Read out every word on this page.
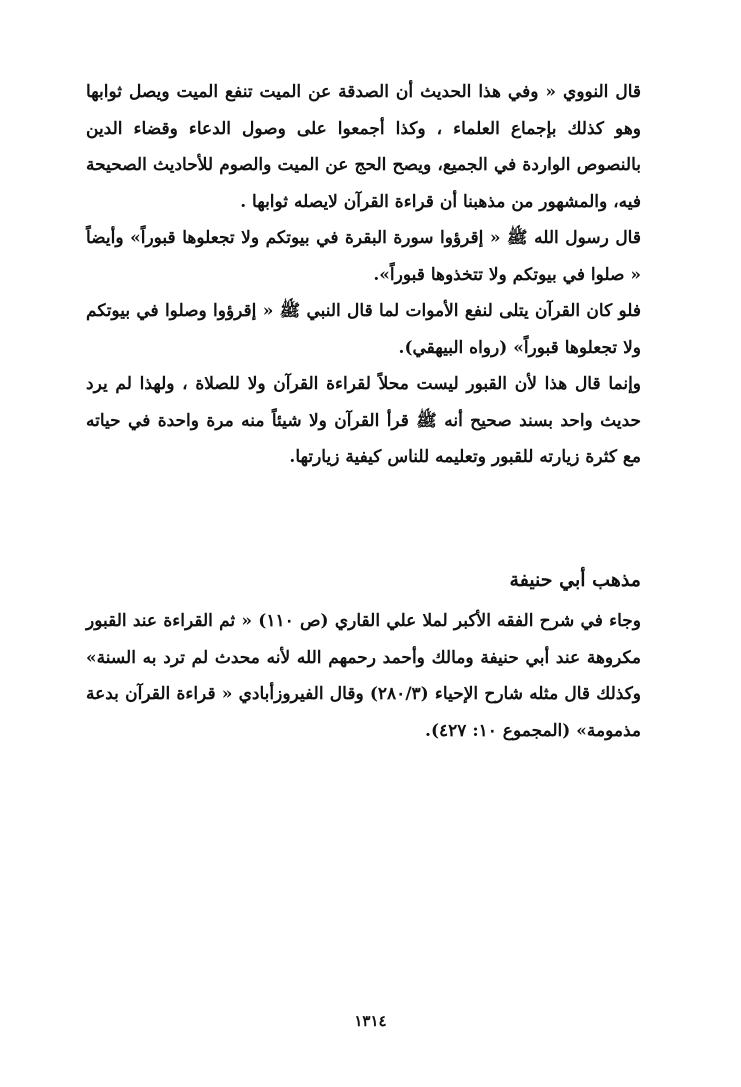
قال النووي « وفي هذا الحديث أن الصدقة عن الميت تنفع الميت ويصل ثوابها وهو كذلك بإجماع العلماء ، وكذا أجمعوا على وصول الدعاء وقضاء الدين بالنصوص الواردة في الجميع، ويصح الحج عن الميت والصوم للأحاديث الصحيحة فيه، والمشهور من مذهبنا أن قراءة القرآن لايصله ثوابها .

قال رسول الله ﷺ « إقرؤوا سورة البقرة في بيوتكم ولا تجعلوها قبوراً» وأيضاً « صلوا في بيوتكم ولا تتخذوها قبوراً».

فلو كان القرآن يتلى لنفع الأموات لما قال النبي ﷺ « إقرؤوا وصلوا في بيوتكم ولا تجعلوها قبوراً» (رواه البيهقي).

وإنما قال هذا لأن القبور ليست محلاً لقراءة القرآن ولا للصلاة ، ولهذا لم يرد حديث واحد بسند صحيح أنه ﷺ قرأ القرآن ولا شيئاً منه مرة واحدة في حياته مع كثرة زيارته للقبور وتعليمه للناس كيفية زيارتها.

مذهب أبي حنيفة

وجاء في شرح الفقه الأكبر لملا علي القاري (ص ١١٠) « ثم القراءة عند القبور مكروهة عند أبي حنيفة ومالك وأحمد رحمهم الله لأنه محدث لم ترد به السنة» وكذلك قال مثله شارح الإحياء (٢٨٠/٣) وقال الفيروزأبادي « قراءة القرآن بدعة مذمومة» (المجموع ١٠: ٤٢٧).

١٣١٤
